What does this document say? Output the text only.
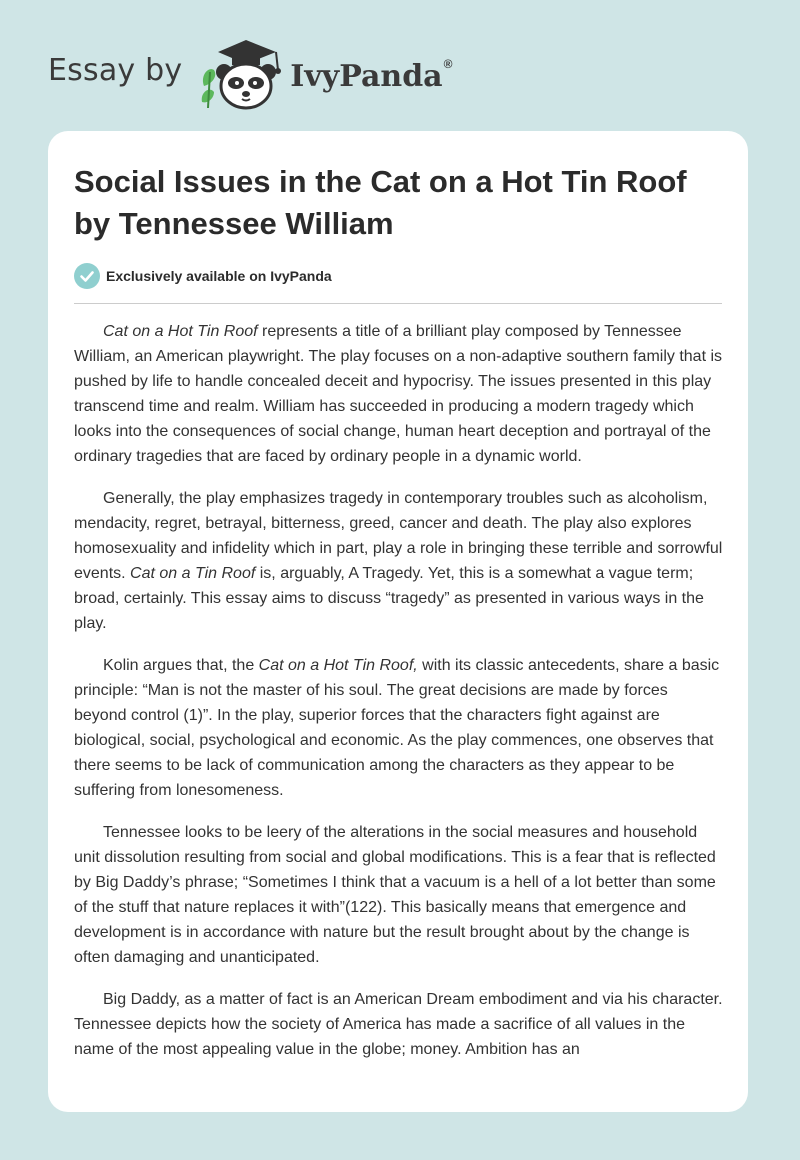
Essay by	IvyPanda®
Social Issues in the Cat on a Hot Tin Roof by Tennessee William
Exclusively available on IvyPanda

Cat on a Hot Tin Roof represents a title of a brilliant play composed by Tennessee William, an American playwright. The play focuses on a non-adaptive southern family that is pushed by life to handle concealed deceit and hypocrisy. The issues presented in this play transcend time and realm. William has succeeded in producing a modern tragedy which looks into the consequences of social change, human heart deception and portrayal of the ordinary tragedies that are faced by ordinary people in a dynamic world.

Generally, the play emphasizes tragedy in contemporary troubles such as alcoholism, mendacity, regret, betrayal, bitterness, greed, cancer and death. The play also explores homosexuality and infidelity which in part, play a role in bringing these terrible and sorrowful events. Cat on a Tin Roof is, arguably, A Tragedy. Yet, this is a somewhat a vague term; broad, certainly. This essay aims to discuss “tragedy” as presented in various ways in the play.

Kolin argues that, the Cat on a Hot Tin Roof, with its classic antecedents, share a basic principle: “Man is not the master of his soul. The great decisions are made by forces beyond control (1)”. In the play, superior forces that the characters fight against are biological, social, psychological and economic. As the play commences, one observes that there seems to be lack of communication among the characters as they appear to be suffering from lonesomeness.

Tennessee looks to be leery of the alterations in the social measures and household unit dissolution resulting from social and global modifications. This is a fear that is reflected by Big Daddy’s phrase; “Sometimes I think that a vacuum is a hell of a lot better than some of the stuff that nature replaces it with”(122). This basically means that emergence and development is in accordance with nature but the result brought about by the change is often damaging and unanticipated.

Big Daddy, as a matter of fact is an American Dream embodiment and via his character. Tennessee depicts how the society of America has made a sacrifice of all values in the name of the most appealing value in the globe; money. Ambition has an
